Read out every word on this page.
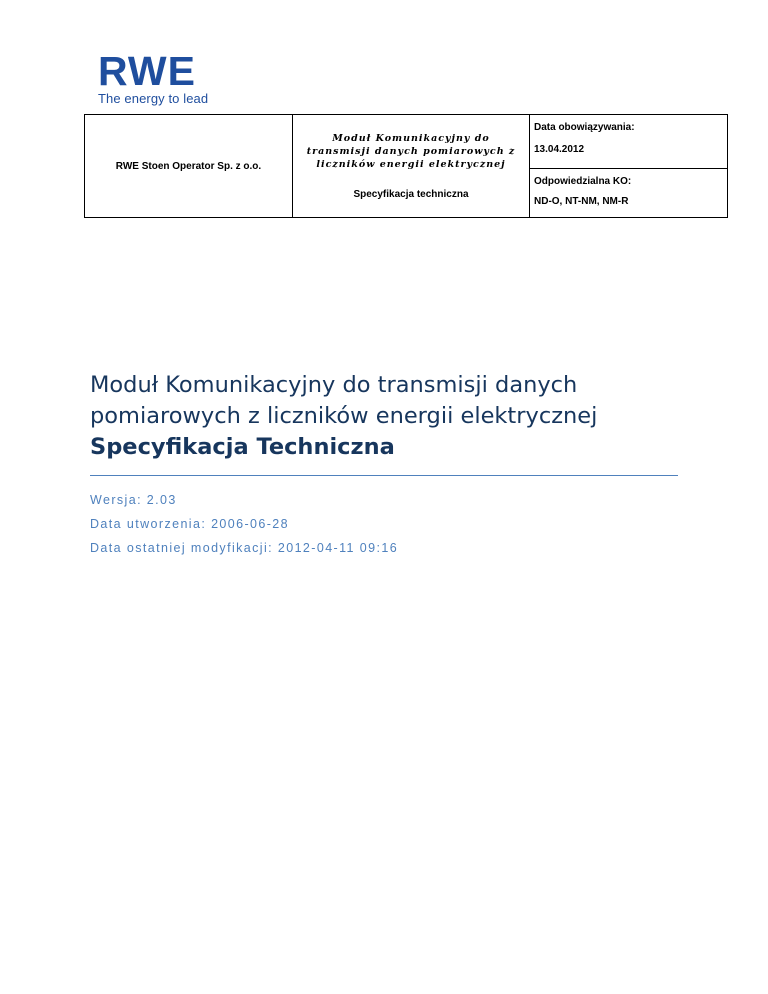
RWE
The energy to lead
RWE Stoen Operator Sp. z o.o.	
Moduł Komunikacyjny do transmisji danych pomiarowych z liczników energii elektrycznej
Specyfikacja techniczna

Data obowiązywania:
13.04.2012

Odpowiedzialna KO:
ND-O, NT-NM, NM-R
Moduł Komunikacyjny do transmisji danych
pomiarowych z liczników energii elektrycznej
Specyfikacja Techniczna
Wersja: 2.03
Data utworzenia: 2006-06-28
Data ostatniej modyfikacji: 2012-04-11 09:16
